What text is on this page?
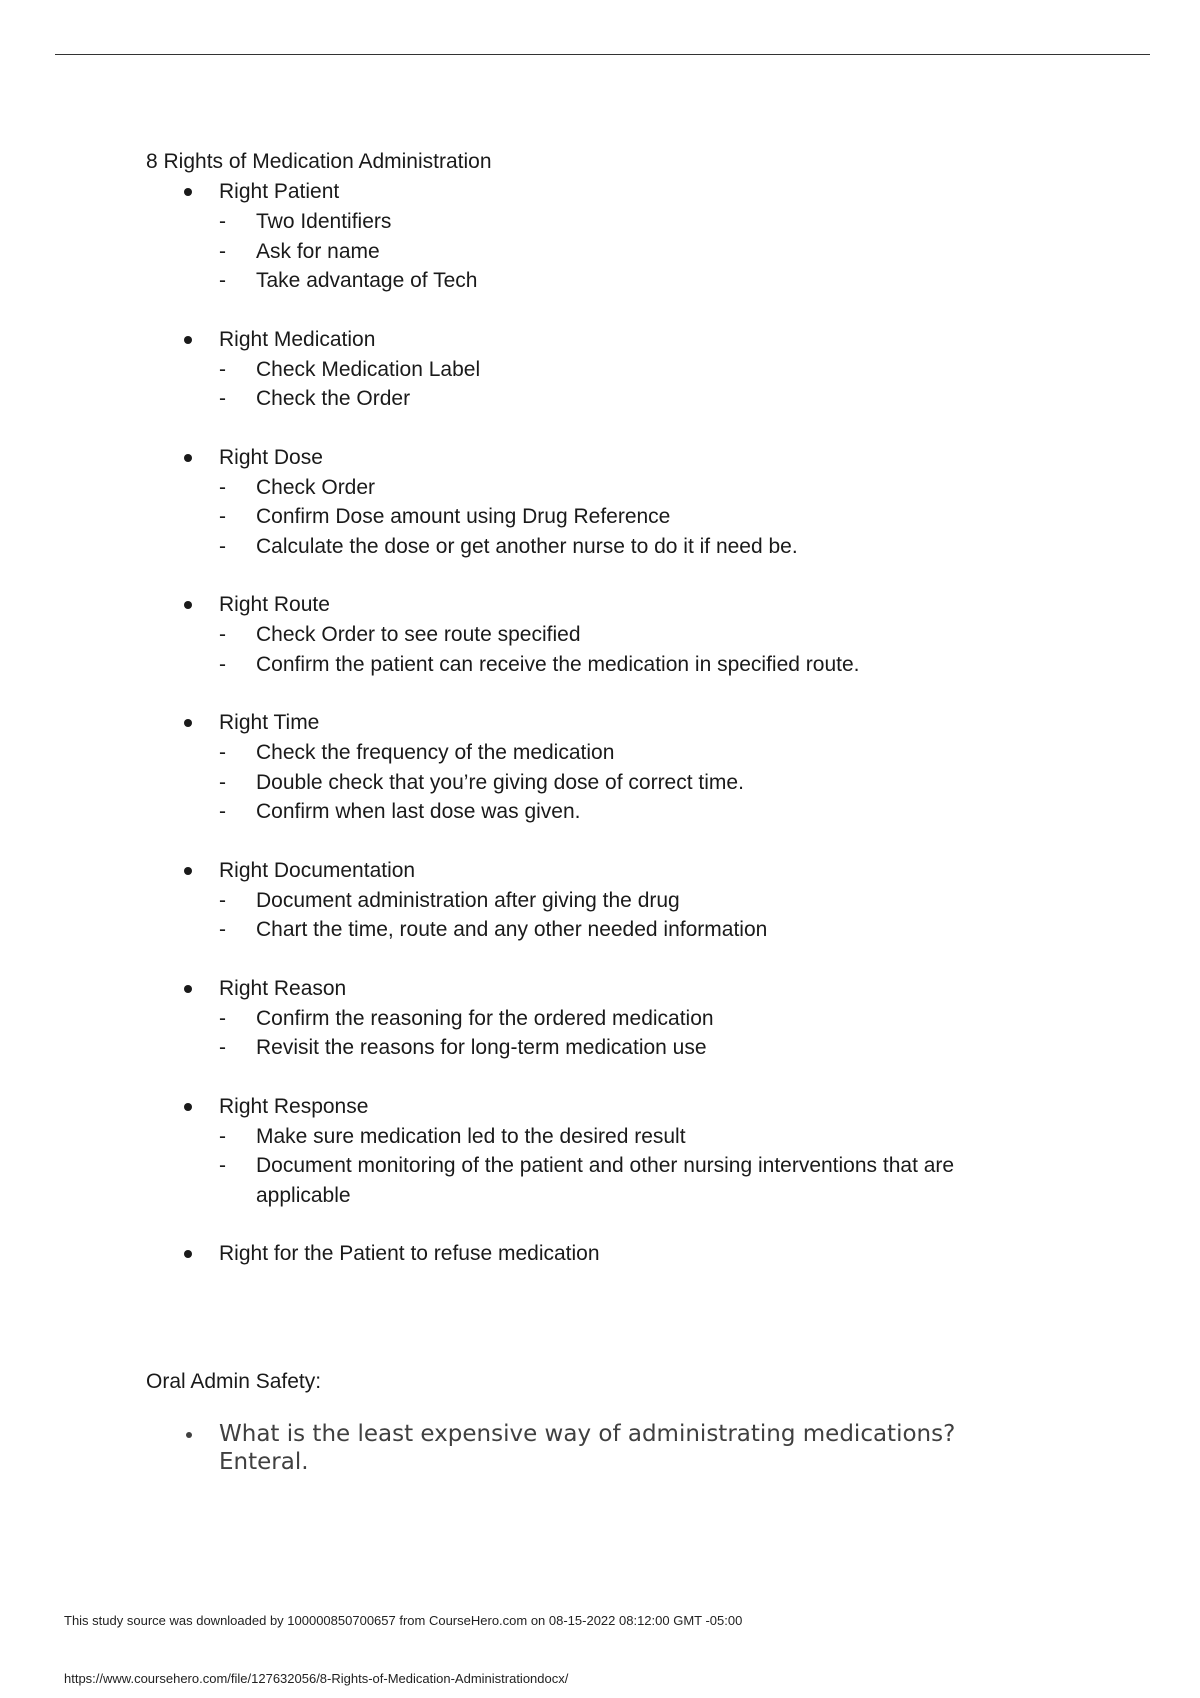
8 Rights of Medication Administration
Right Patient
- Two Identifiers
- Ask for name
- Take advantage of Tech
Right Medication
- Check Medication Label
- Check the Order
Right Dose
- Check Order
- Confirm Dose amount using Drug Reference
- Calculate the dose or get another nurse to do it if need be.
Right Route
- Check Order to see route specified
- Confirm the patient can receive the medication in specified route.
Right Time
- Check the frequency of the medication
- Double check that you’re giving dose of correct time.
- Confirm when last dose was given.
Right Documentation
- Document administration after giving the drug
- Chart the time, route and any other needed information
Right Reason
- Confirm the reasoning for the ordered medication
- Revisit the reasons for long-term medication use
Right Response
- Make sure medication led to the desired result
- Document monitoring of the patient and other nursing interventions that are applicable
Right for the Patient to refuse medication
Oral Admin Safety:
What is the least expensive way of administrating medications? Enteral.
This study source was downloaded by 100000850700657 from CourseHero.com on 08-15-2022 08:12:00 GMT -05:00
https://www.coursehero.com/file/127632056/8-Rights-of-Medication-Administrationdocx/
